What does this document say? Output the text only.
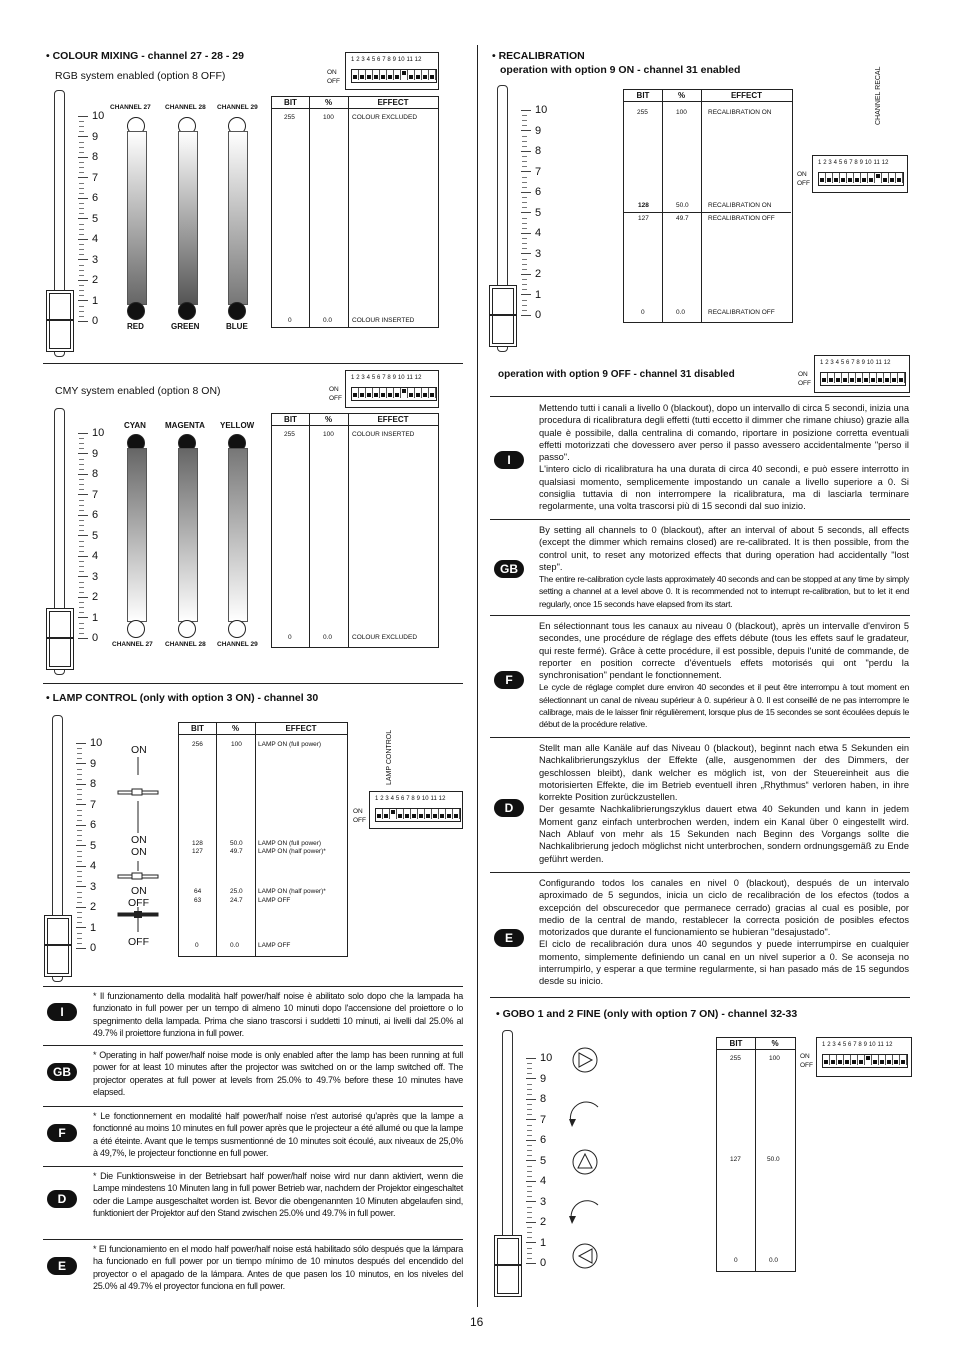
• COLOUR MIXING - channel 27 - 28 - 29
RGB system enabled (option 8 OFF)
10
9
8
7
6
5
4
3
2
1
0
CHANNEL 27 CHANNEL 28 CHANNEL 29
RED	GREEN	BLUE
BIT	%	EFFECT
255	100	COLOUR EXCLUDED
0	0.0	COLOUR INSERTED
ON
OFF
1 2 3 4 5 6 7 8 9 10 11 12
CMY system enabled (option 8 ON)
10
9
8
7
6
5
4
3
2
1
0
CYAN MAGENTA YELLOW
CHANNEL 27 CHANNEL 28 CHANNEL 29
BIT	%	EFFECT
255	100	COLOUR INSERTED
0	0.0	COLOUR EXCLUDED
ON
OFF
1 2 3 4 5 6 7 8 9 10 11 12
• LAMP CONTROL (only with option 3 ON) - channel 30
10
9
8
7
6
5
4
3
2
1
0
ON
ON
ON
ON
OFF
OFF
BIT	%	EFFECT
256	100 LAMP ON (full power)
128	50.0 LAMP ON (full power)
127	49.7 LAMP ON (half power)*
64	25.0 LAMP ON (half power)*
63	24.7 LAMP OFF
0	0.0	LAMP OFF
LAMP CONTROL
ON
OFF
1 2 3 4 5 6 7 8 9 10 11 12
I
* Il funzionamento della modalità half power/half noise è abilitato solo dopo che la lampada ha funzionato in full power per un tempo di almeno 10 minuti dopo l'accensione del proiettore o lo spegnimento della lampada. Prima che siano trascorsi i suddetti 10 minuti, ai livelli dal 25.0% al 49.7% il proiettore funziona in full power.
GB
* Operating in half power/half noise mode is only enabled after the lamp has been running at full power for at least 10 minutes after the projector was switched on or the lamp switched off. The projector operates at full power at levels from 25.0% to 49.7% before these 10 minutes have elapsed.
F
* Le fonctionnement en modalité half power/half noise n'est autorisé qu'après que la lampe a fonctionné au moins 10 minutes en full power après que le projecteur a été allumé ou que la lampe a été éteinte. Avant que le temps susmentionné de 10 minutes soit écoulé, aux niveaux de 25,0% à 49,7%, le projecteur fonctionne en full power.
D
* Die Funktionsweise in der Betriebsart half power/half noise wird nur dann aktiviert, wenn die Lampe mindestens 10 Minuten lang in full power Betrieb war, nachdem der Projektor eingeschaltet oder die Lampe ausgeschaltet worden ist. Bevor die obengenannten 10 Minuten abgelaufen sind, funktioniert der Projektor auf den Stand zwischen 25.0% und 49.7% in full power.
E
* El funcionamiento en el modo half power/half noise está habilitado sólo después que la lámpara ha funcionado en full power por un tiempo mínimo de 10 minutos después del encendido del proyector o el apagado de la lámpara. Antes de que pasen los 10 minutos, en los niveles del 25.0% al 49.7% el proyector funciona en full power.
• RECALIBRATION
operation with option 9 ON - channel 31 enabled
10
9
8
7
6
5
4
3
2
1
0
BIT	%	EFFECT
255	100	RECALIBRATION ON
128	50.0	RECALIBRATION ON
127	49.7	RECALIBRATION OFF
0	0.0	RECALIBRATION OFF
CHANNEL RECAL
ON
OFF
1 2 3 4 5 6 7 8 9 10 11 12
operation with option 9 OFF - channel 31 disabled	ON
OFF
1 2 3 4 5 6 7 8 9 10 11 12
I
Mettendo tutti i canali a livello 0 (blackout), dopo un intervallo di circa 5 secondi, inizia una procedura di ricalibratura degli effetti (tutti eccetto il dimmer che rimane chiuso) grazie alla quale è possibile, dalla centralina di comando, riportare in posizione corretta eventuali effetti motorizzati che dovessero aver perso il passo avessero accidentalmente "perso il passo".
L'intero ciclo di ricalibratura ha una durata di circa 40 secondi, e può essere interrotto in qualsiasi momento, semplicemente impostando un canale a livello superiore a 0. Si consiglia tuttavia di non interrompere la ricalibratura, ma di lasciarla terminare regolarmente, una volta trascorsi più di 15 secondi dal suo inizio.
GB
By setting all channels to 0 (blackout), after an interval of about 5 seconds, all effects (except the dimmer which remains closed) are re-calibrated. It is then possible, from the control unit, to reset any motorized effects that during operation had accidentally "lost step".
The entire re-calibration cycle lasts approximately 40 seconds and can be stopped at any time by simply setting a channel at a level above 0. It is recommended not to interrupt re-calibration, but to let it end regularly, once 15 seconds have elapsed from its start.
F
En sélectionnant tous les canaux au niveau 0 (blackout), après un intervalle d'environ 5 secondes, une procédure de réglage des effets débute (tous les effets sauf le gradateur, qui reste fermé). Grâce à cette procédure, il est possible, depuis l'unité de commande, de reporter en position correcte d'éventuels effets motorisés qui ont "perdu la synchronisation" pendant le fonctionnement.
Le cycle de réglage complet dure environ 40 secondes et il peut être interrompu à tout moment en sélectionnant un canal de niveau supérieur à 0. supérieur à 0. Il est conseillé de ne pas interrompre le calibrage, mais de le laisser finir régulièrement, lorsque plus de 15 secondes se sont écoulées depuis le début de la procédure relative.
D
Stellt man alle Kanäle auf das Niveau 0 (blackout), beginnt nach etwa 5 Sekunden ein Nachkalibrierungszyklus der Effekte (alle, ausgenommen der des Dimmers, der geschlossen bleibt), dank welcher es möglich ist, von der Steuereinheit aus die motorisierten Effekte, die im Betrieb eventuell ihren „Rhythmus“ verloren haben, in ihre korrekte Position zurückzustellen.
Der gesamte Nachkalibrierungszyklus dauert etwa 40 Sekunden und kann in jedem Moment ganz einfach unterbrochen werden, indem ein Kanal über 0 eingestellt wird. Nach Ablauf von mehr als 15 Sekunden nach Beginn des Vorgangs sollte die Nachkalibrierung jedoch möglichst nicht unterbrochen, sondern ordnungsgemäß zu Ende geführt werden.
E
Configurando todos los canales en nivel 0 (blackout), después de un intervalo aproximado de 5 segundos, inicia un ciclo de recalibración de los efectos (todos a excepción del obscurecedor que permanece cerrado) gracias al cual es posible, por medio de la central de mando, restablecer la correcta posición de posibles efectos motorizados que durante el funcionamiento se hubieran "desajustado".
El ciclo de recalibración dura unos 40 segundos y puede interrumpirse en cualquier momento, simplemente definiendo un canal en un nivel superior a 0. Se aconseja no interrumpirlo, y esperar a que termine regularmente, si han pasado más de 15 segundos desde su inicio.
• GOBO 1 and 2 FINE (only with option 7 ON) - channel 32-33
10
9
8
7
6
5
4
3
2
1
0
BIT	%
255	100
127	50.0
0	0.0
ON
OFF
1 2 3 4 5 6 7 8 9 10 11 12
16
